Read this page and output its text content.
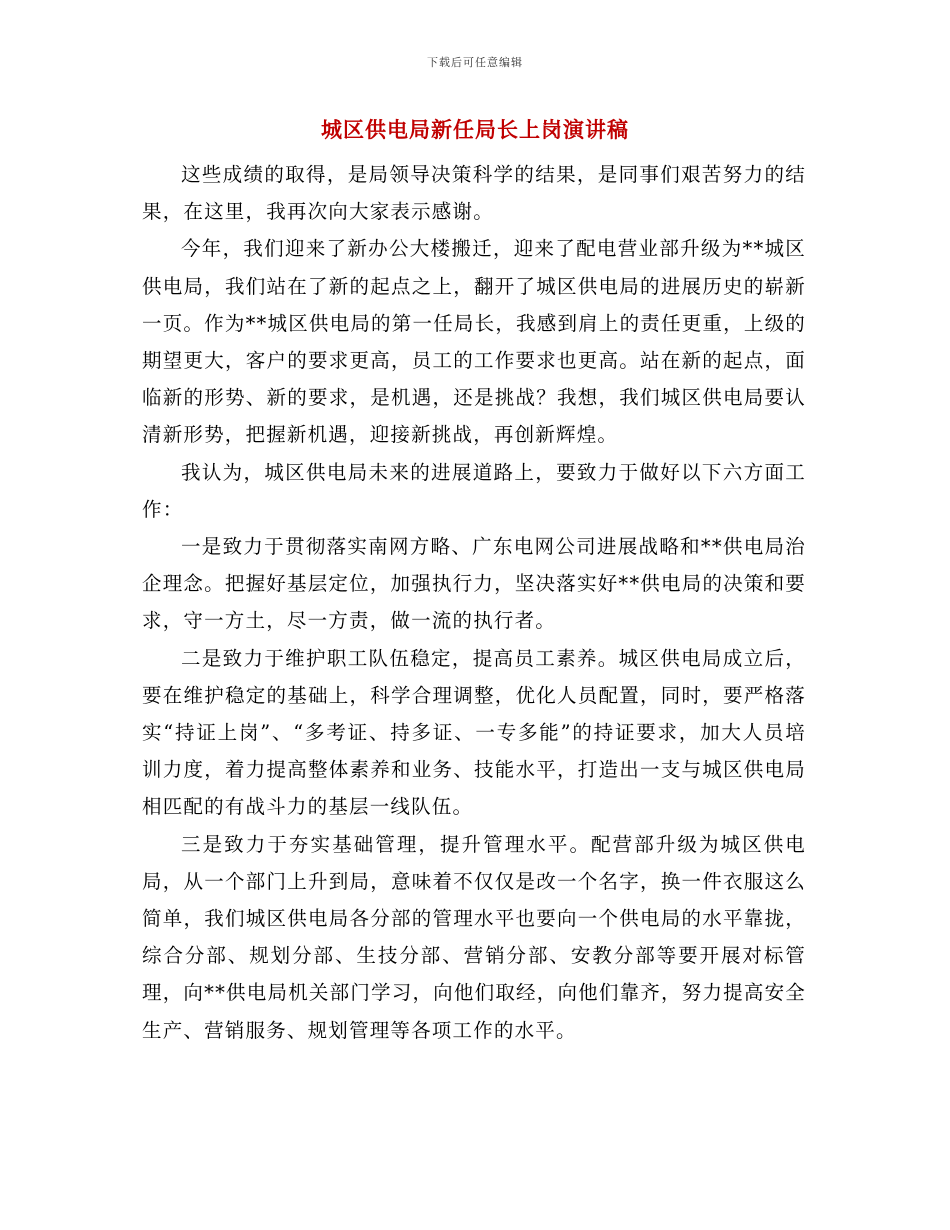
下载后可任意编辑
城区供电局新任局长上岗演讲稿

这些成绩的取得，是局领导决策科学的结果，是同事们艰苦努力的结果，在这里，我再次向大家表示感谢。

今年，我们迎来了新办公大楼搬迁，迎来了配电营业部升级为**城区供电局，我们站在了新的起点之上，翻开了城区供电局的进展历史的崭新一页。作为**城区供电局的第一任局长，我感到肩上的责任更重，上级的期望更大，客户的要求更高，员工的工作要求也更高。站在新的起点，面临新的形势、新的要求，是机遇，还是挑战？我想，我们城区供电局要认清新形势，把握新机遇，迎接新挑战，再创新辉煌。

我认为，城区供电局未来的进展道路上，要致力于做好以下六方面工作：

一是致力于贯彻落实南网方略、广东电网公司进展战略和**供电局治企理念。把握好基层定位，加强执行力，坚决落实好**供电局的决策和要求，守一方土，尽一方责，做一流的执行者。

二是致力于维护职工队伍稳定，提高员工素养。城区供电局成立后，要在维护稳定的基础上，科学合理调整，优化人员配置，同时，要严格落实“持证上岗”、“多考证、持多证、一专多能”的持证要求，加大人员培训力度，着力提高整体素养和业务、技能水平，打造出一支与城区供电局相匹配的有战斗力的基层一线队伍。

三是致力于夯实基础管理，提升管理水平。配营部升级为城区供电局，从一个部门上升到局，意味着不仅仅是改一个名字，换一件衣服这么简单，我们城区供电局各分部的管理水平也要向一个供电局的水平靠拢，综合分部、规划分部、生技分部、营销分部、安教分部等要开展对标管理，向**供电局机关部门学习，向他们取经，向他们靠齐，努力提高安全生产、营销服务、规划管理等各项工作的水平。
